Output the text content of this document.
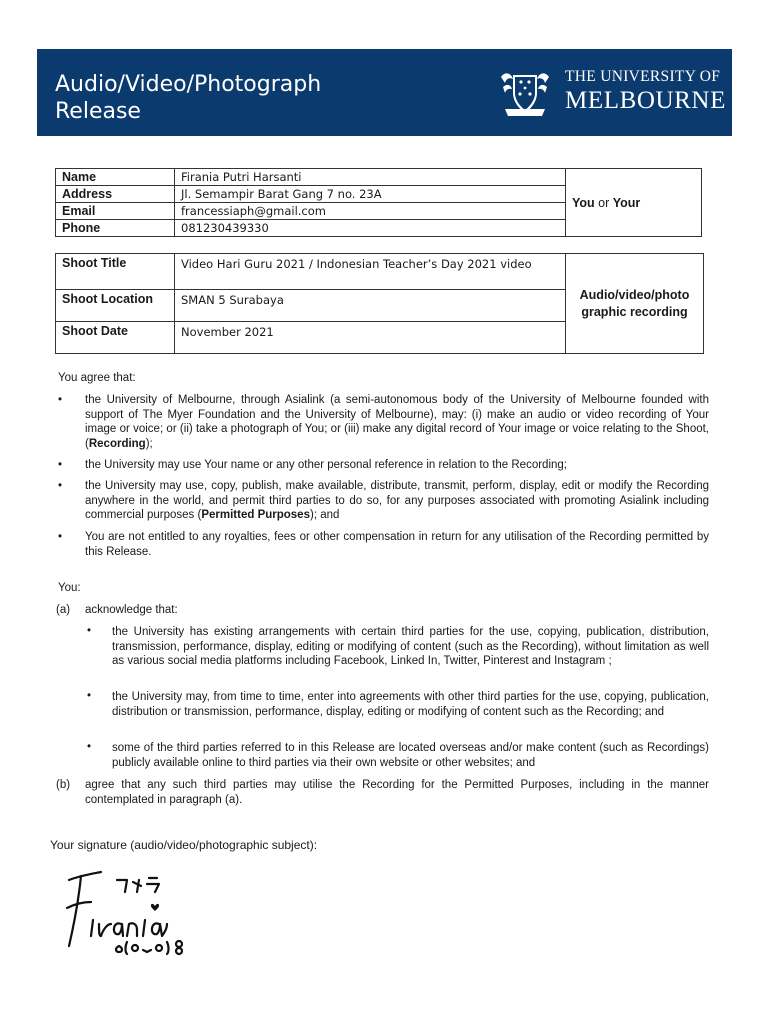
Audio/Video/Photograph
Release
THE UNIVERSITY OF
MELBOURNE
Name	Firania Putri Harsanti	You or Your
Address	Jl. Semampir Barat Gang 7 no. 23A	
Email	francessiaph@gmail.com	
Phone	081230439330	
Shoot Title	Video Hari Guru 2021 / Indonesian Teacher’s Day 2021 video	Audio/video/photo
graphic recording

Shoot Location	SMAN 5 Surabaya	
Shoot Date	November 2021	
You agree that:
• the University of Melbourne, through Asialink (a semi-autonomous body of the University of Melbourne founded with support of The Myer Foundation and the University of Melbourne), may: (i) make an audio or video recording of Your image or voice; or (ii) take a photograph of You; or (iii) make any digital record of Your image or voice relating to the Shoot, (Recording);
• the University may use Your name or any other personal reference in relation to the Recording;
• the University may use, copy, publish, make available, distribute, transmit, perform, display, edit or modify the Recording anywhere in the world, and permit third parties to do so, for any purposes associated with promoting Asialink including commercial purposes (Permitted Purposes); and
• You are not entitled to any royalties, fees or other compensation in return for any utilisation of the Recording permitted by this Release.
You:
(a) acknowledge that:
• the University has existing arrangements with certain third parties for the use, copying, publication, distribution, transmission, performance, display, editing or modifying of content (such as the Recording), without limitation as well as various social media platforms including Facebook, Linked In, Twitter, Pinterest and Instagram ;
• the University may, from time to time, enter into agreements with other third parties for the use, copying, publication, distribution or transmission, performance, display, editing or modifying of content such as the Recording; and
• some of the third parties referred to in this Release are located overseas and/or make content (such as Recordings) publicly available online to third parties via their own website or other websites; and
(b) agree that any such third parties may utilise the Recording for the Permitted Purposes, including in the manner contemplated in paragraph (a).
Your signature (audio/video/photographic subject):
